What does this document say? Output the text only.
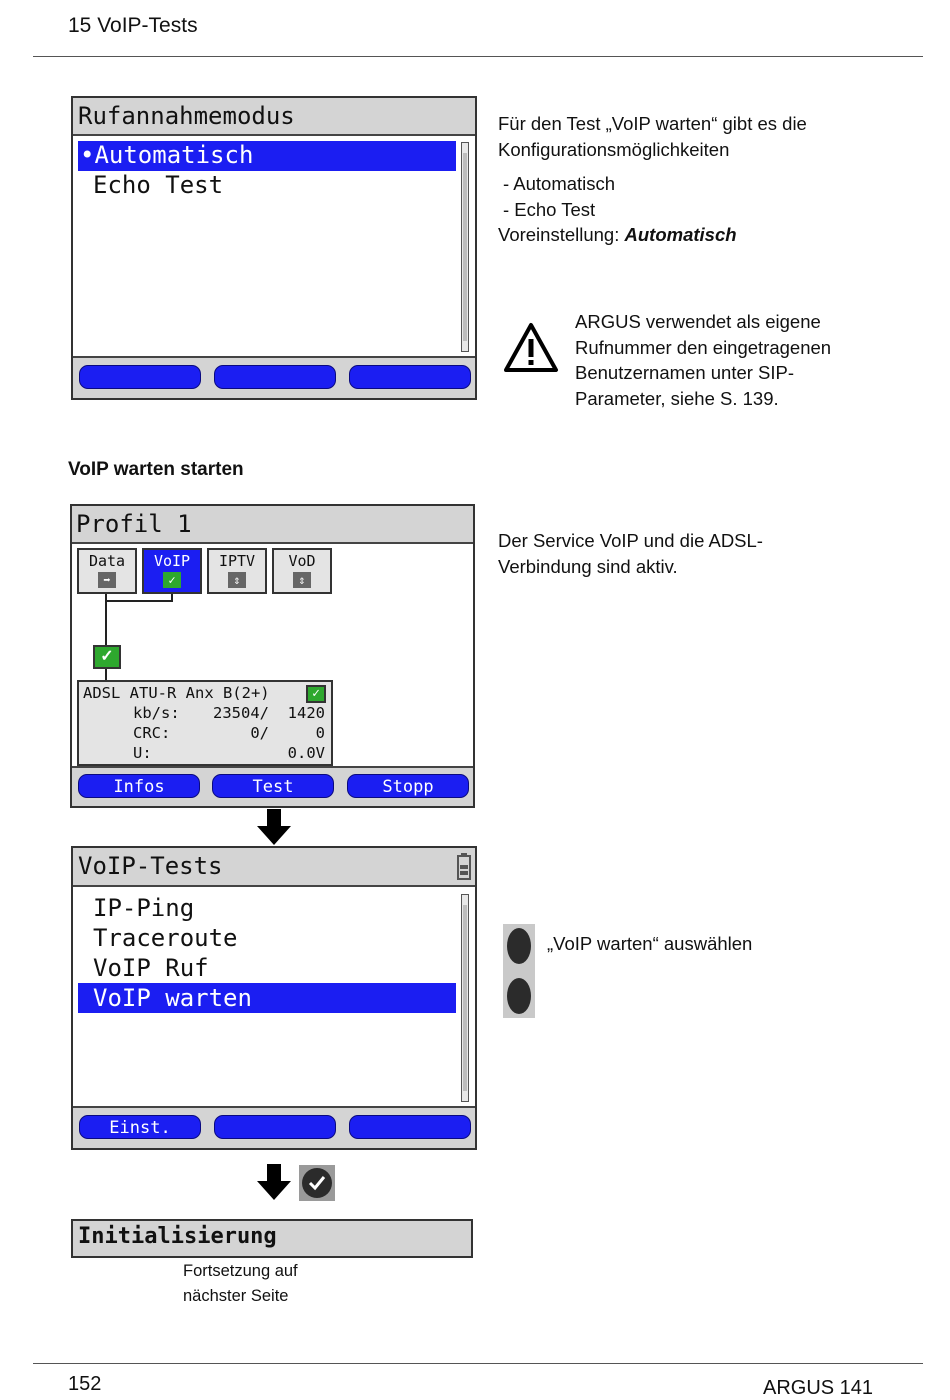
15 VoIP-Tests
Rufannahmemodus
•Automatisch
Echo Test
Für den Test „VoIP warten“ gibt es die Konfigurationsmöglichkeiten
- Automatisch
- Echo Test
Voreinstellung: Automatisch
ARGUS verwendet als eigene Rufnummer den eingetragenen Benutzernamen unter SIP-Parameter, siehe S. 139.
VoIP warten starten
Profil 1
Data
➡
VoIP
✓
IPTV
⇕
VoD
⇕
✓
ADSL ATU-R Anx B(2+)
kb/s: 23504/  1420
CRC:	0/     0
U:	0.0V
✓
Infos	Test	Stopp
Der Service VoIP und die ADSL-Verbindung sind aktiv.
VoIP-Tests
IP-Ping
Traceroute
VoIP Ruf
VoIP warten
Einst.
„VoIP warten“ auswählen
Initialisierung
Fortsetzung auf
nächster Seite
152	ARGUS 141
